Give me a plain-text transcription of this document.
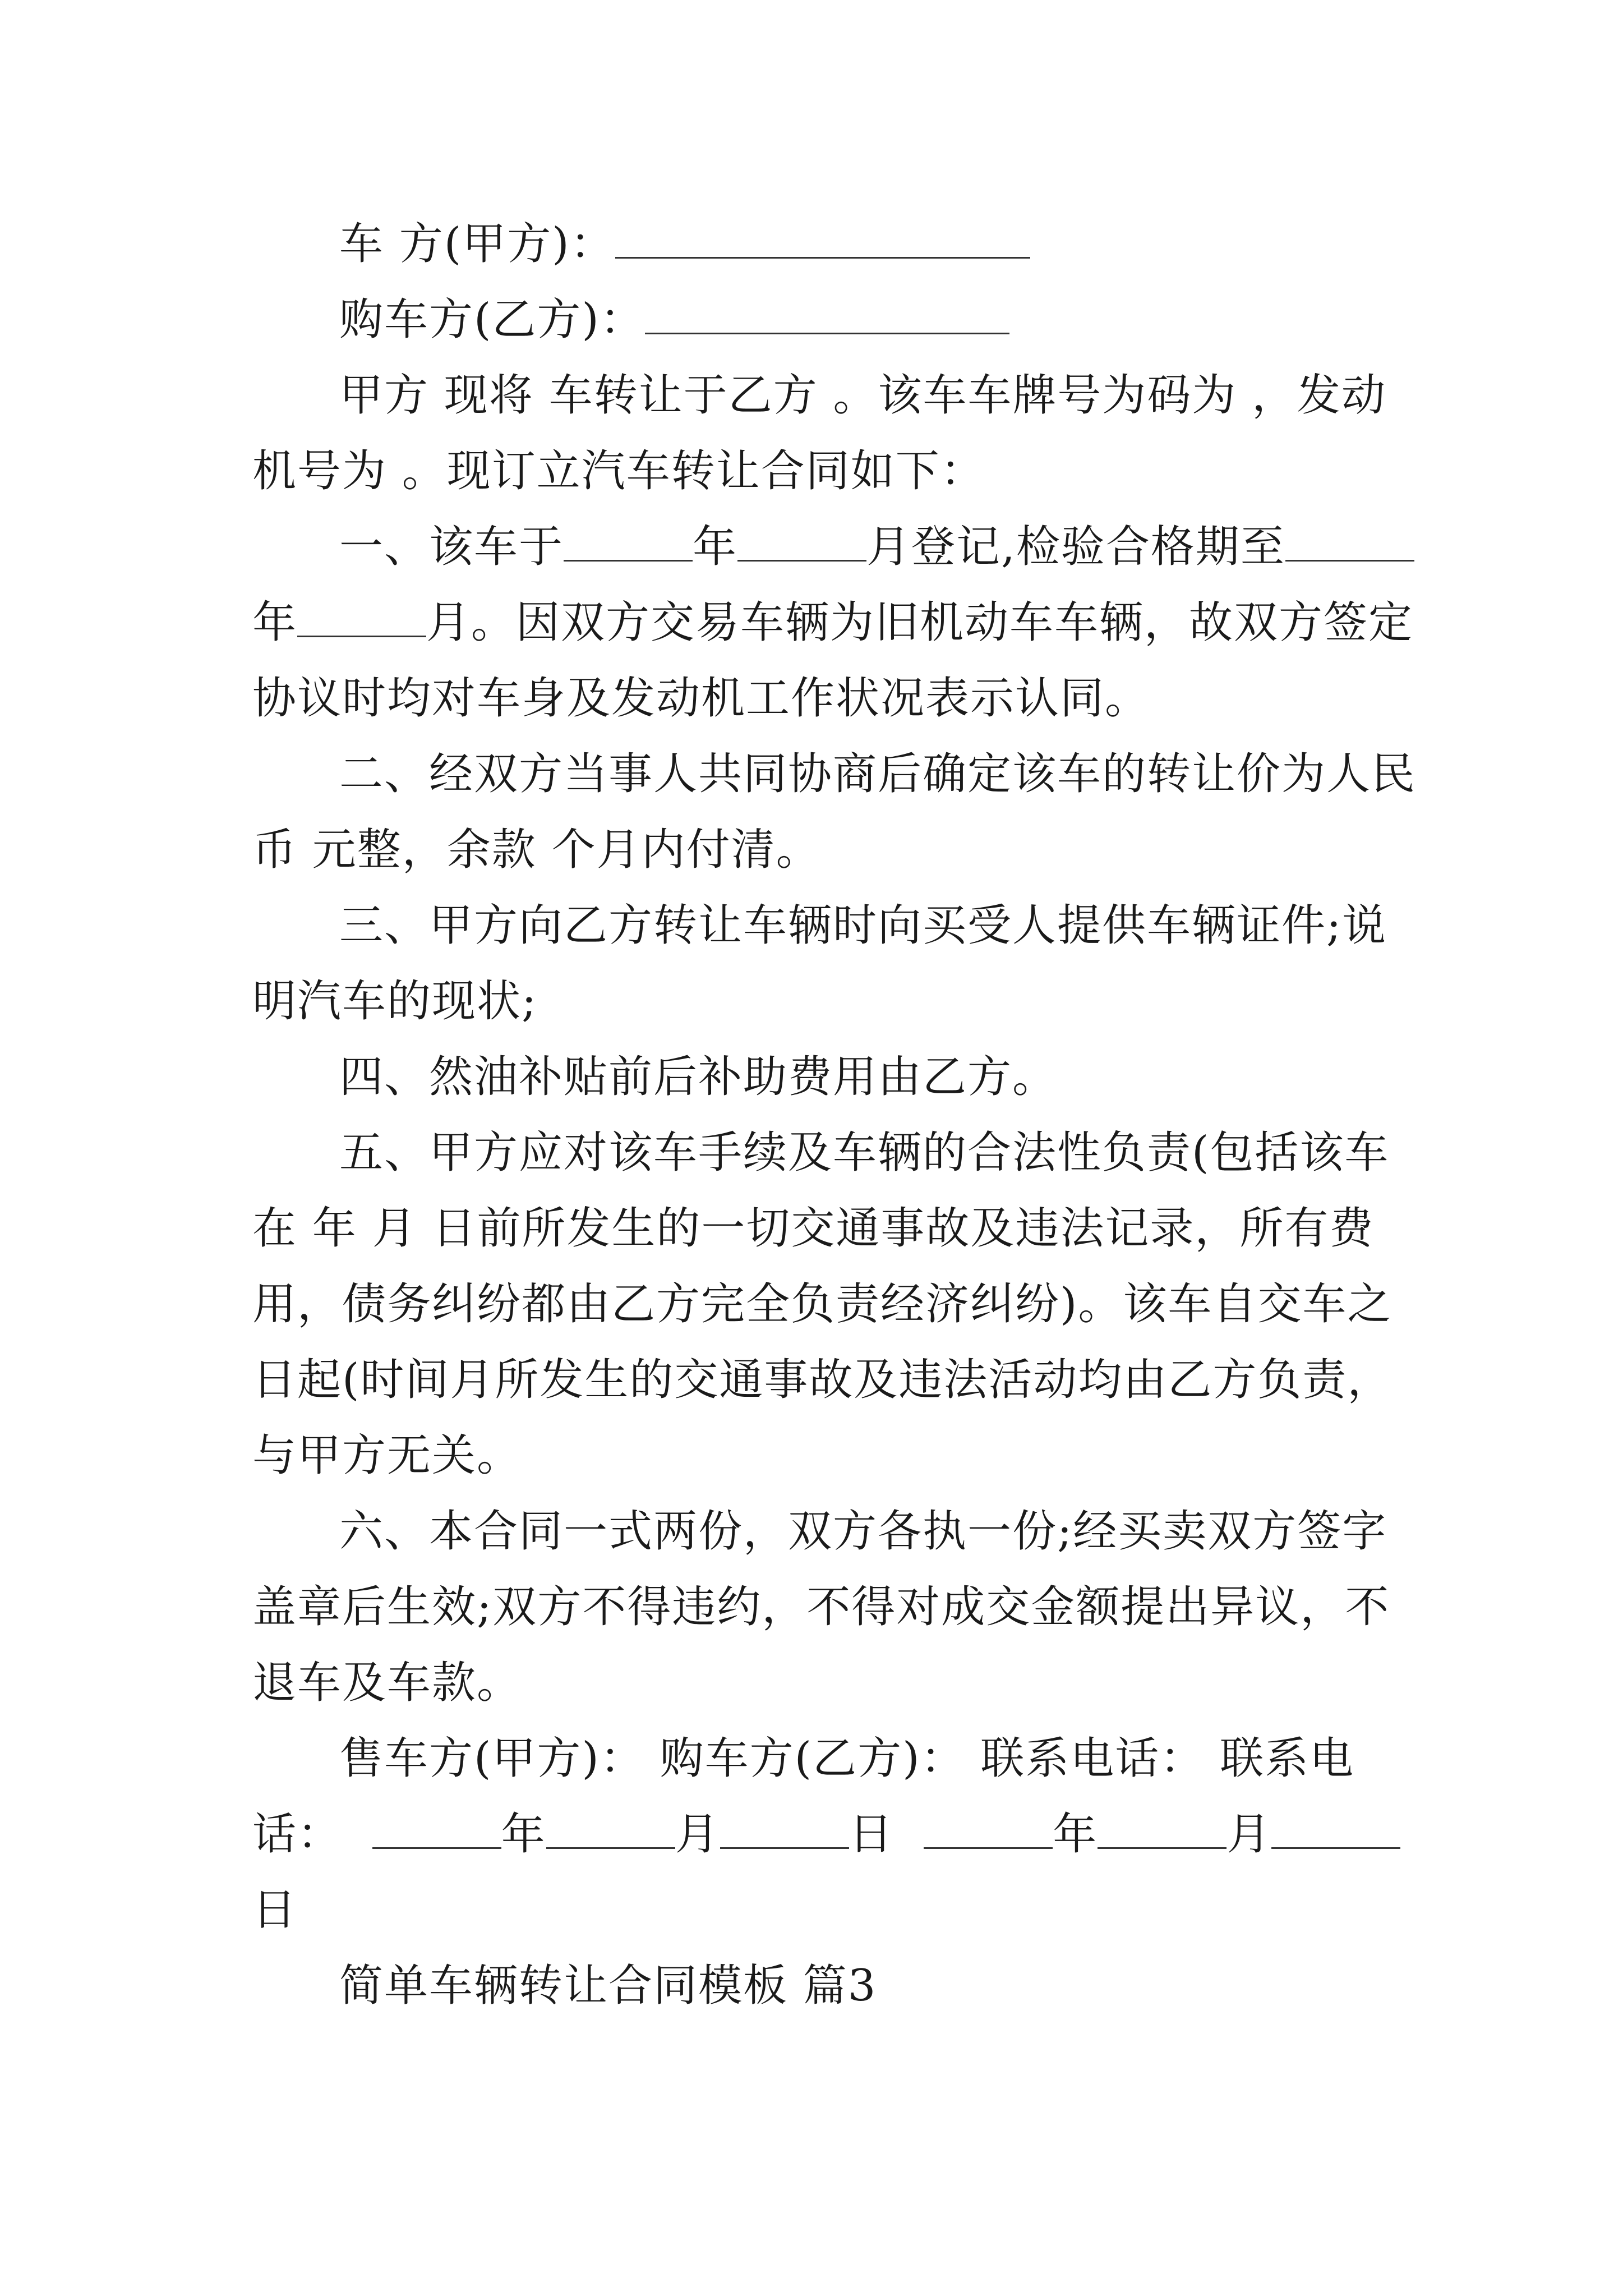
车 方(甲方)：
购车方(乙方)：
甲方 现将 车转让于乙方 。该车车牌号为码为 ，发动
机号为 。现订立汽车转让合同如下：
一、该车于	年	月登记,检验合格期至
年	月。因双方交易车辆为旧机动车车辆，故双方签定
协议时均对车身及发动机工作状况表示认同。
二、经双方当事人共同协商后确定该车的转让价为人民
币 元整，余款 个月内付清。
三、甲方向乙方转让车辆时向买受人提供车辆证件;说
明汽车的现状;
四、然油补贴前后补助费用由乙方。
五、甲方应对该车手续及车辆的合法性负责(包括该车
在 年 月 日前所发生的一切交通事故及违法记录，所有费
用，债务纠纷都由乙方完全负责经济纠纷)。该车自交车之
日起(时间月所发生的交通事故及违法活动均由乙方负责，
与甲方无关。
六、本合同一式两份，双方各执一份;经买卖双方签字
盖章后生效;双方不得违约，不得对成交金额提出异议，不
退车及车款。
售车方(甲方)： 购车方(乙方)： 联系电话： 联系电
话：	年	月	日	年	月
日
简单车辆转让合同模板 篇3
